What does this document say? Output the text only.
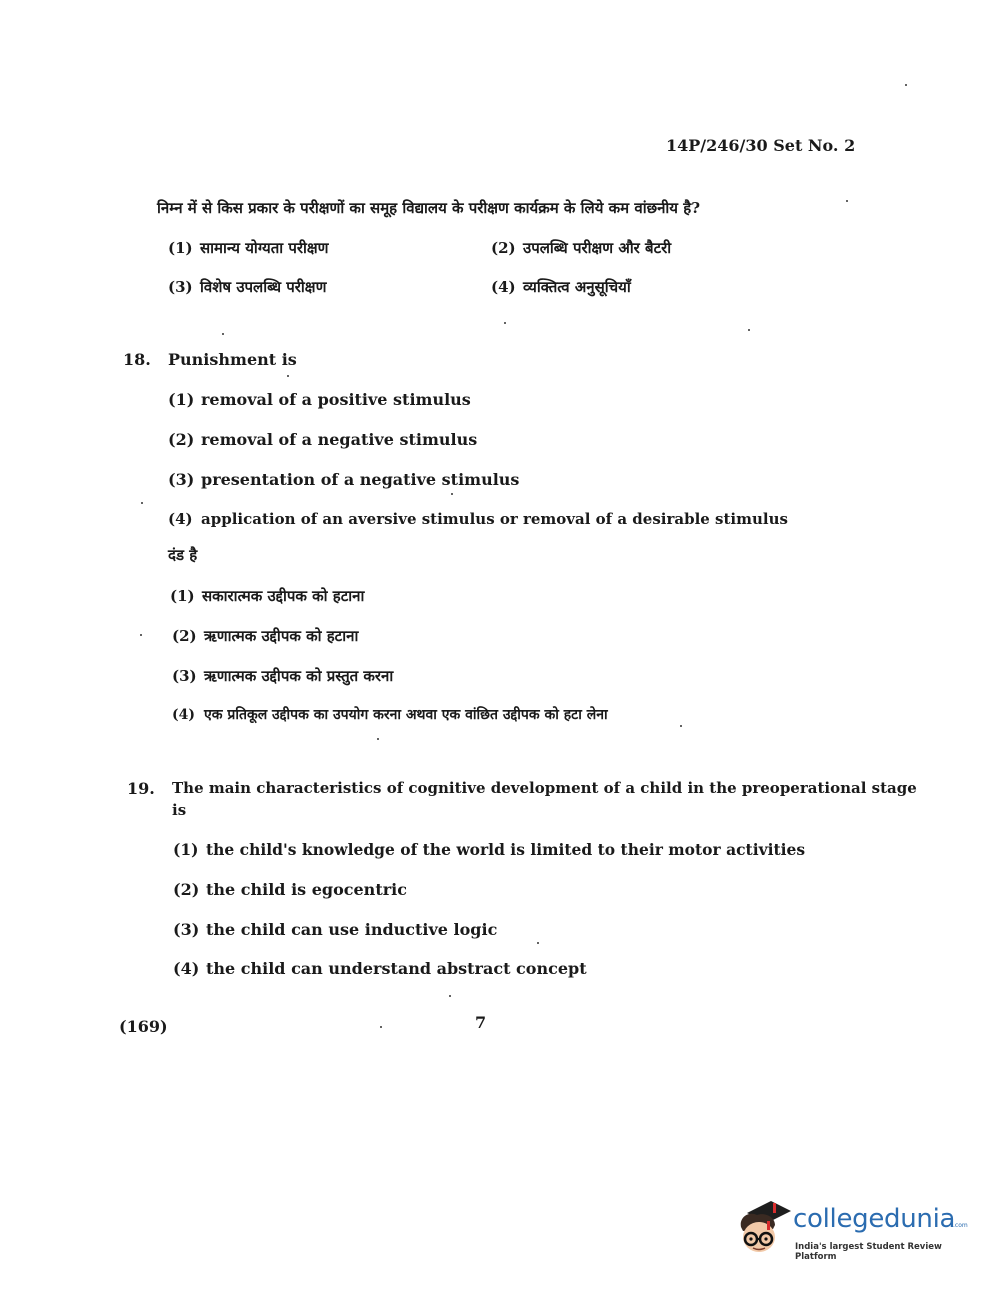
14P/246/30 Set No. 2
निम्न में से किस प्रकार के परीक्षणों का समूह विद्यालय के परीक्षण कार्यक्रम के लिये कम वांछनीय है?
(1) सामान्य योग्यता परीक्षण	(2) उपलब्धि परीक्षण और बैटरी
(3) विशेष उपलब्धि परीक्षण	(4) व्यक्तित्व अनुसूचियाँ
18. Punishment is
(1) removal of a positive stimulus
(2) removal of a negative stimulus
(3) presentation of a negative stimulus
(4) application of an aversive stimulus or removal of a desirable stimulus
दंड है
(1) सकारात्मक उद्दीपक को हटाना
(2) ऋणात्मक उद्दीपक को हटाना
(3) ऋणात्मक उद्दीपक को प्रस्तुत करना
(4) एक प्रतिकूल उद्दीपक का उपयोग करना अथवा एक वांछित उद्दीपक को हटा लेना
19. The main characteristics of cognitive development of a child in the preoperational stage
is
(1) the child's knowledge of the world is limited to their motor activities
(2) the child is egocentric
(3) the child can use inductive logic
(4) the child can understand abstract concept
(169)	7
collegedunia
.com
India's largest Student Review Platform
